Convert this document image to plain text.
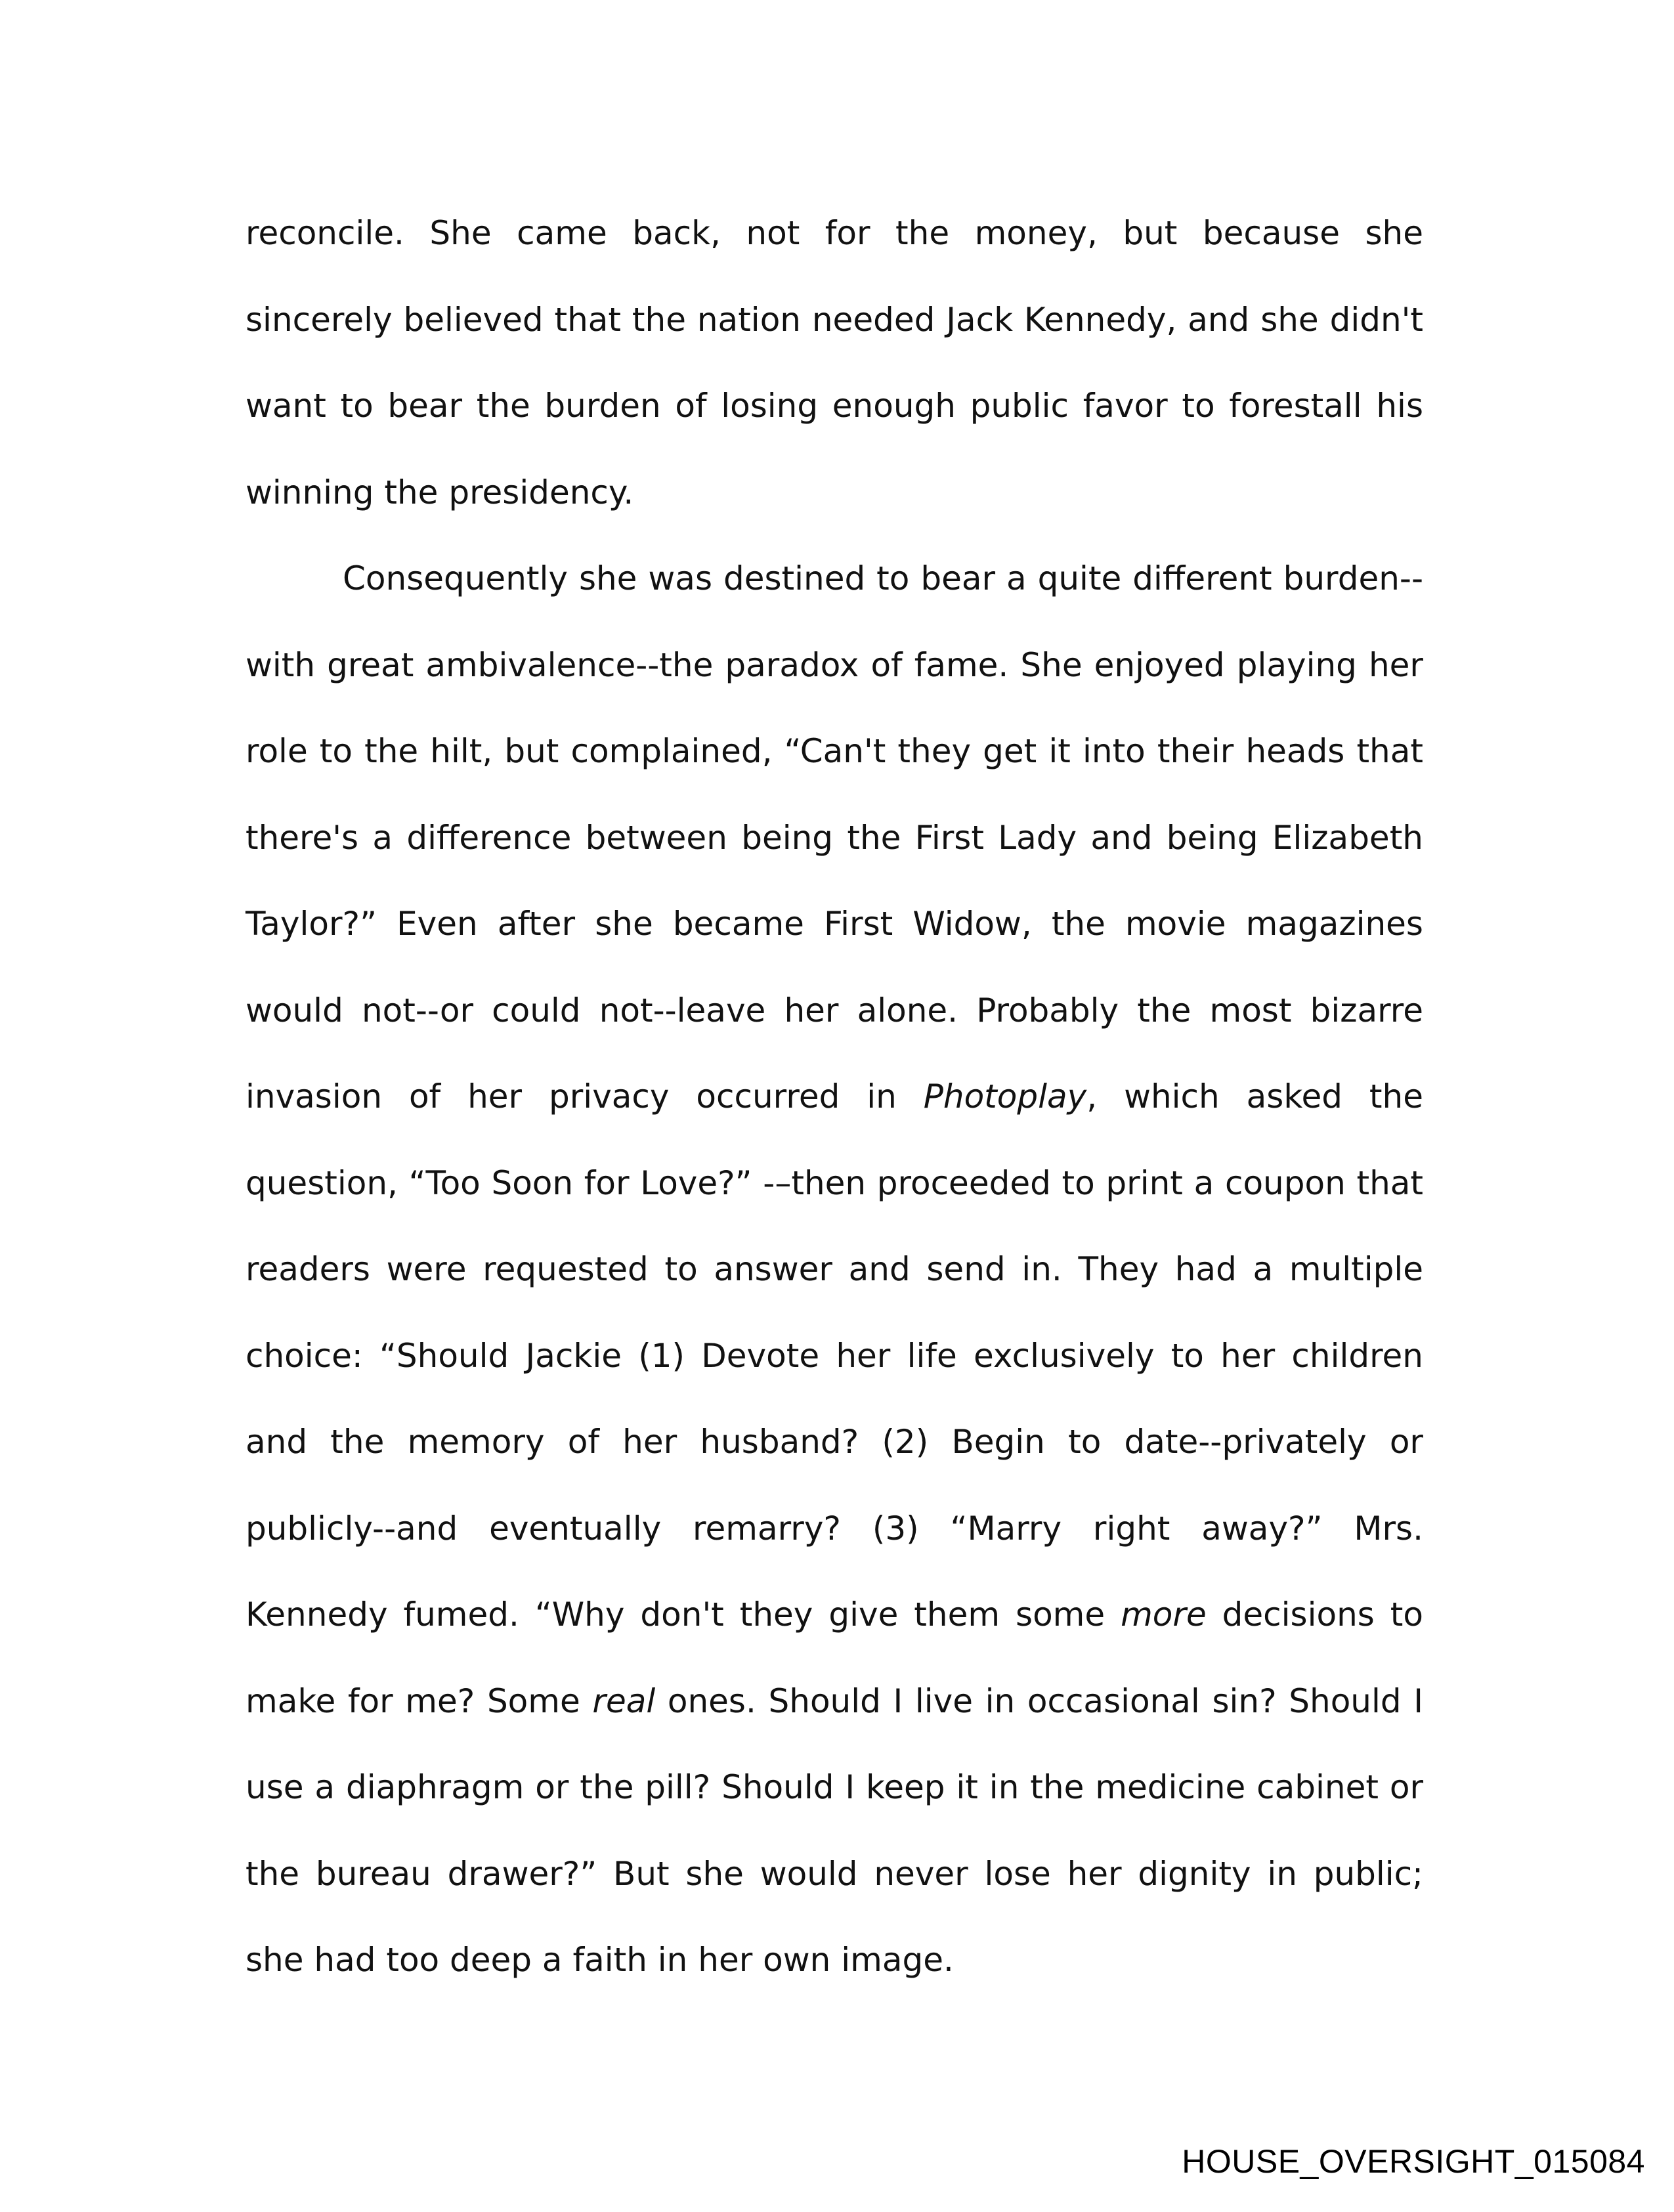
reconcile. She came back, not for the money, but because she sincerely believed that the nation needed Jack Kennedy, and she didn't want to bear the burden of losing enough public favor to forestall his winning the presidency.

Consequently she was destined to bear a quite different burden--with great ambivalence--the paradox of fame. She enjoyed playing her role to the hilt, but complained, “Can't they get it into their heads that there's a difference between being the First Lady and being Elizabeth Taylor?” Even after she became First Widow, the movie magazines would not--or could not--leave her alone. Probably the most bizarre invasion of her privacy occurred in Photoplay, which asked the question, “Too Soon for Love?” -–then proceeded to print a coupon that readers were requested to answer and send in. They had a multiple choice: “Should Jackie (1) Devote her life exclusively to her children and the memory of her husband? (2) Begin to date--privately or publicly--and eventually remarry? (3) “Marry right away?” Mrs. Kennedy fumed. “Why don't they give them some more decisions to make for me? Some real ones. Should I live in occasional sin? Should I use a diaphragm or the pill? Should I keep it in the medicine cabinet or the bureau drawer?” But she would never lose her dignity in public; she had too deep a faith in her own image.

HOUSE_OVERSIGHT_015084
